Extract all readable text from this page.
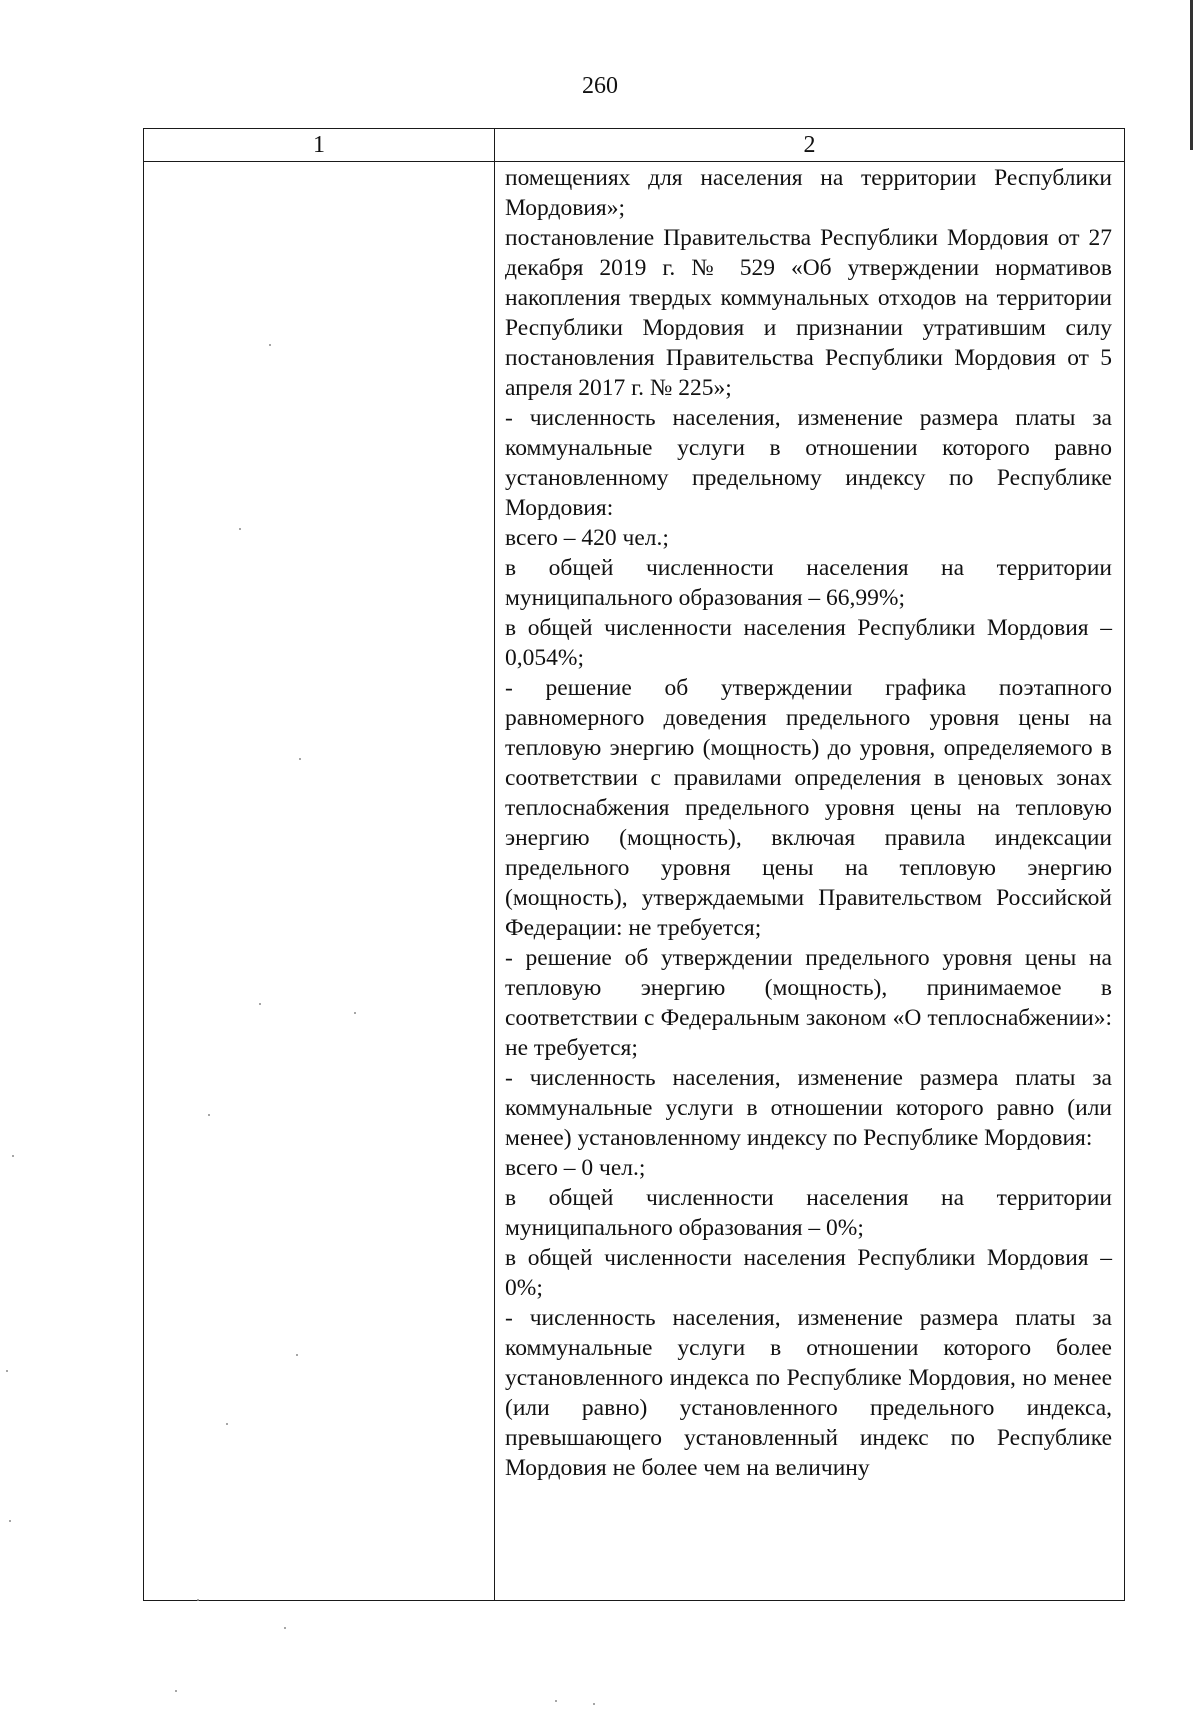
260
1	2

помещениях для населения на территории Республики Мордовия»;

постановление Правительства Республики Мордовия от 27 декабря 2019 г. № 529 «Об утверждении нормативов накопления твердых коммунальных отходов на территории Республики Мордовия и признании утратившим силу постановления Правительства Республики Мордовия от 5 апреля 2017 г. № 225»;

- численность населения, изменение размера платы за коммунальные услуги в отношении которого равно установленному предельному индексу по Республике Мордовия:

всего – 420 чел.;

в общей численности населения на территории муниципального образования – 66,99%;

в общей численности населения Республики Мордовия – 0,054%;

- решение об утверждении графика поэтапного равномерного доведения предельного уровня цены на тепловую энергию (мощность) до уровня, определяемого в соответствии с правилами определения в ценовых зонах теплоснабжения предельного уровня цены на тепловую энергию (мощность), включая правила индексации предельного уровня цены на тепловую энергию (мощность), утверждаемыми Правительством Российской Федерации: не требуется;

- решение об утверждении предельного уровня цены на тепловую энергию (мощность), принимаемое в соответствии с Федеральным законом «О теплоснабжении»: не требуется;

- численность населения, изменение размера платы за коммунальные услуги в отношении которого равно (или менее) установленному индексу по Республике Мордовия:

всего – 0 чел.;

в общей численности населения на территории муниципального образования – 0%;

в общей численности населения Республики Мордовия – 0%;

- численность населения, изменение размера платы за коммунальные услуги в отношении которого более установленного индекса по Республике Мордовия, но менее (или равно) установленного предельного индекса, превышающего установленный индекс по Республике Мордовия не более чем на величину
